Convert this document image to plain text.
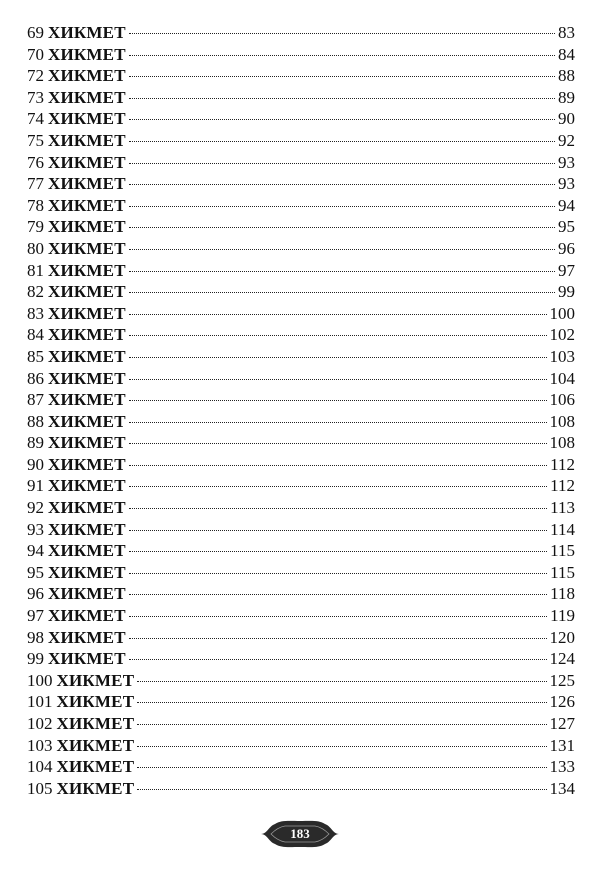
69 ХИКМЕТ	83
70 ХИКМЕТ	84
72 ХИКМЕТ	88
73 ХИКМЕТ	89
74 ХИКМЕТ	90
75 ХИКМЕТ	92
76 ХИКМЕТ	93
77 ХИКМЕТ	93
78 ХИКМЕТ	94
79 ХИКМЕТ	95
80 ХИКМЕТ	96
81 ХИКМЕТ	97
82 ХИКМЕТ	99
83 ХИКМЕТ	100
84 ХИКМЕТ	102
85 ХИКМЕТ	103
86 ХИКМЕТ	104
87 ХИКМЕТ	106
88 ХИКМЕТ	108
89 ХИКМЕТ	108
90 ХИКМЕТ	112
91 ХИКМЕТ	112
92 ХИКМЕТ	113
93 ХИКМЕТ	114
94 ХИКМЕТ	115
95 ХИКМЕТ	115
96 ХИКМЕТ	118
97 ХИКМЕТ	119
98 ХИКМЕТ	120
99 ХИКМЕТ	124
100 ХИКМЕТ	125
101 ХИКМЕТ	126
102 ХИКМЕТ	127
103 ХИКМЕТ	131
104 ХИКМЕТ	133
105 ХИКМЕТ	134
183
